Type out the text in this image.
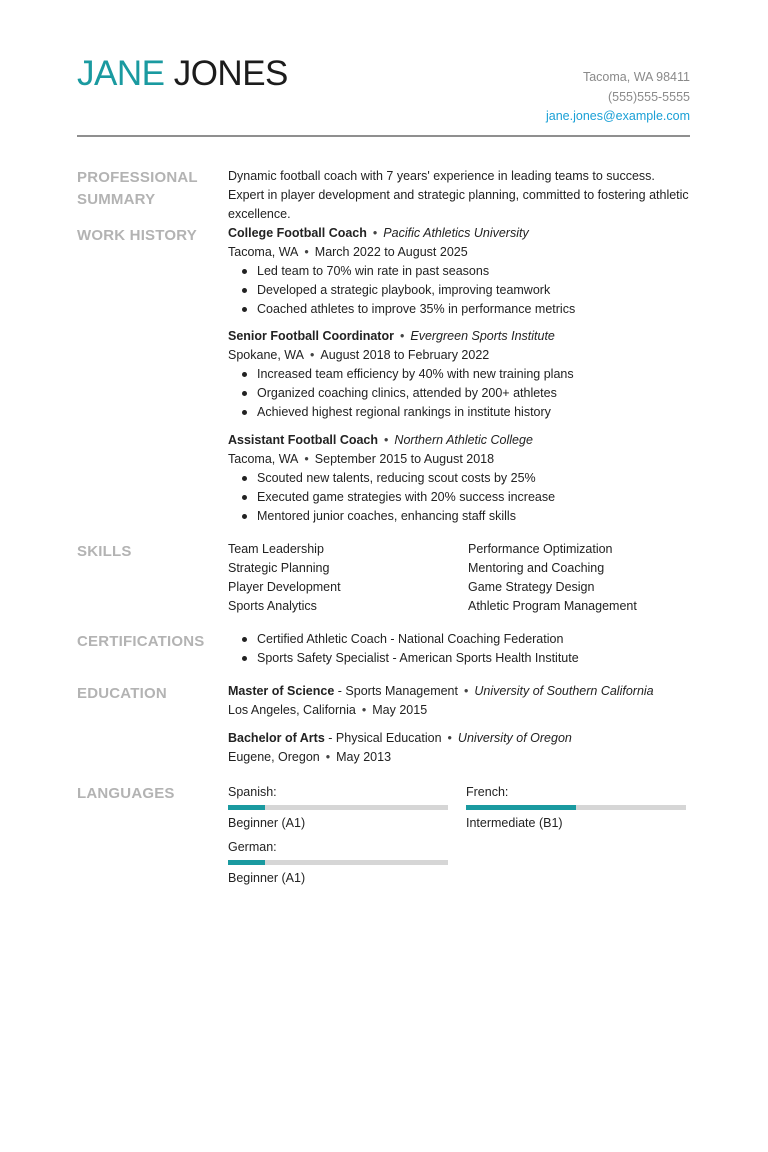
JANE JONES	Tacoma, WA 98411
(555)555-5555
jane.jones@example.com
PROFESSIONAL
SUMMARY
Dynamic football coach with 7 years' experience in leading teams to success. Expert in player development and strategic planning, committed to fostering athletic excellence.
WORK HISTORY	College Football Coach • Pacific Athletics University
Tacoma, WA • March 2022 to August 2025
Led team to 70% win rate in past seasons
Developed a strategic playbook, improving teamwork
Coached athletes to improve 35% in performance metrics
Senior Football Coordinator • Evergreen Sports Institute
Spokane, WA • August 2018 to February 2022
Increased team efficiency by 40% with new training plans
Organized coaching clinics, attended by 200+ athletes
Achieved highest regional rankings in institute history
Assistant Football Coach • Northern Athletic College
Tacoma, WA • September 2015 to August 2018
Scouted new talents, reducing scout costs by 25%
Executed game strategies with 20% success increase
Mentored junior coaches, enhancing staff skills
SKILLS	Team Leadership	Performance Optimization
Strategic Planning	Mentoring and Coaching
Player Development	Game Strategy Design
Sports Analytics	Athletic Program Management
CERTIFICATIONS	Certified Athletic Coach - National Coaching Federation
Sports Safety Specialist - American Sports Health Institute
EDUCATION	Master of Science - Sports Management • University of Southern California
Los Angeles, California • May 2015
Bachelor of Arts - Physical Education • University of Oregon
Eugene, Oregon • May 2013
LANGUAGES	Spanish:
Beginner (A1)
French:
Intermediate (B1)
German:
Beginner (A1)
